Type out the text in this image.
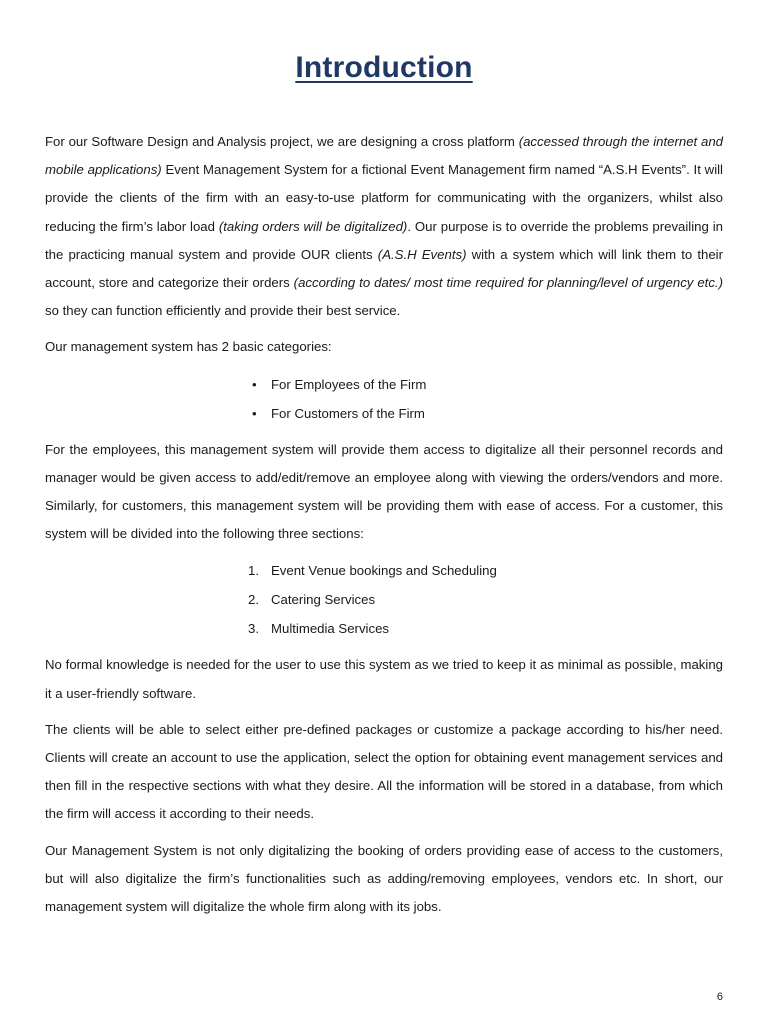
Introduction

For our Software Design and Analysis project, we are designing a cross platform (accessed through the internet and mobile applications) Event Management System for a fictional Event Management firm named “A.S.H Events”. It will provide the clients of the firm with an easy-to-use platform for communicating with the organizers, whilst also reducing the firm’s labor load (taking orders will be digitalized). Our purpose is to override the problems prevailing in the practicing manual system and provide OUR clients (A.S.H Events) with a system which will link them to their account, store and categorize their orders (according to dates/ most time required for planning/level of urgency etc.) so they can function efficiently and provide their best service.

Our management system has 2 basic categories:

• For Employees of the Firm
• For Customers of the Firm

For the employees, this management system will provide them access to digitalize all their personnel records and manager would be given access to add/edit/remove an employee along with viewing the orders/vendors and more. Similarly, for customers, this management system will be providing them with ease of access. For a customer, this system will be divided into the following three sections:

1. Event Venue bookings and Scheduling
2. Catering Services
3. Multimedia Services

No formal knowledge is needed for the user to use this system as we tried to keep it as minimal as possible, making it a user-friendly software.

The clients will be able to select either pre-defined packages or customize a package according to his/her need. Clients will create an account to use the application, select the option for obtaining event management services and then fill in the respective sections with what they desire. All the information will be stored in a database, from which the firm will access it according to their needs.

Our Management System is not only digitalizing the booking of orders providing ease of access to the customers, but will also digitalize the firm’s functionalities such as adding/removing employees, vendors etc. In short, our management system will digitalize the whole firm along with its jobs.

6
